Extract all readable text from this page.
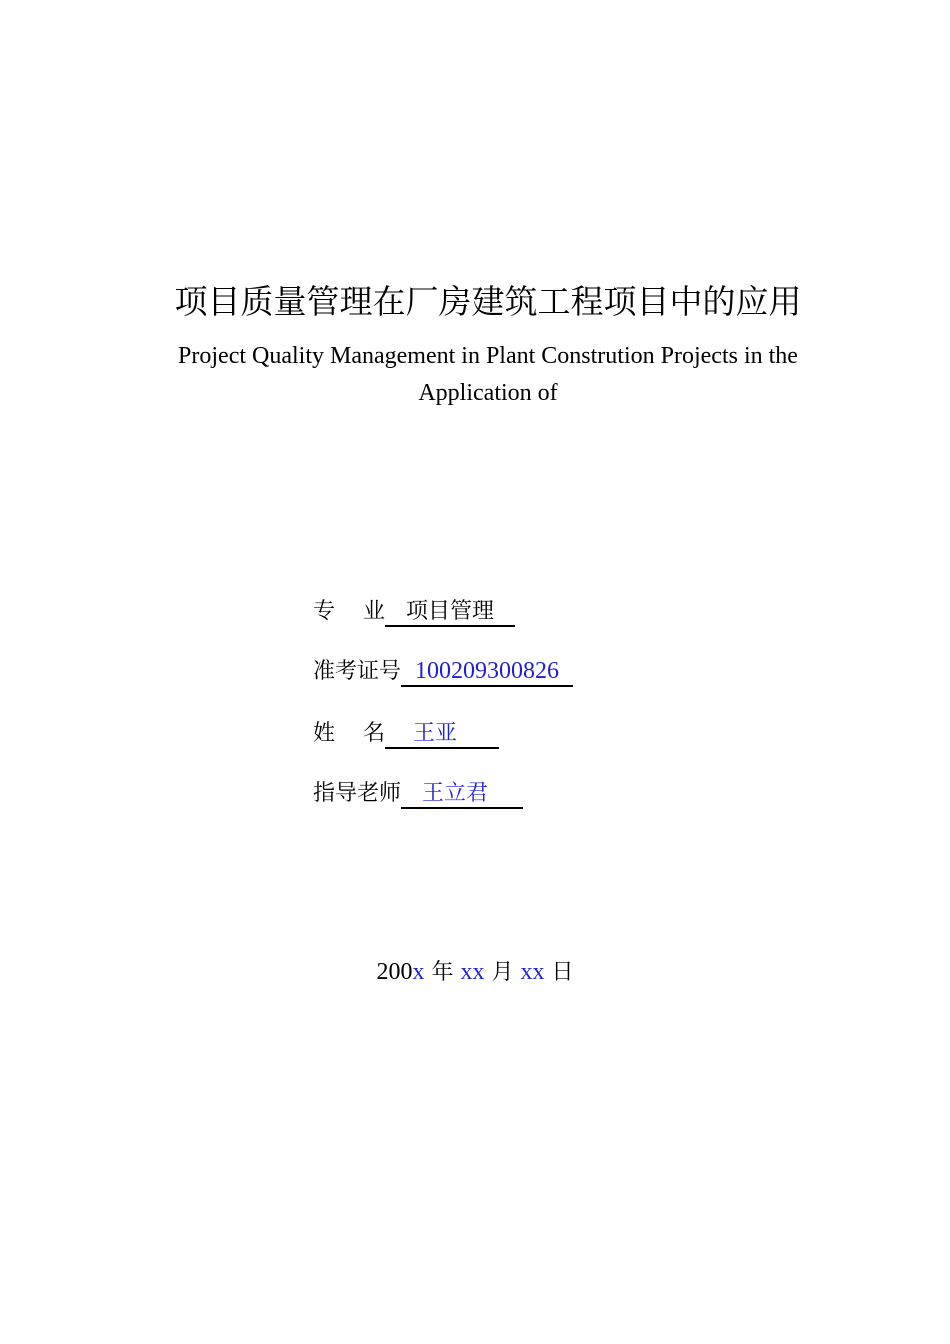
项目质量管理在厂房建筑工程项目中的应用
Project Quality Management in Plant Constrution Projects in the Application of
专    业 项目管理
准考证号 100209300826
姓    名 王亚
指导老师 王立君
200x 年 xx 月 xx 日
